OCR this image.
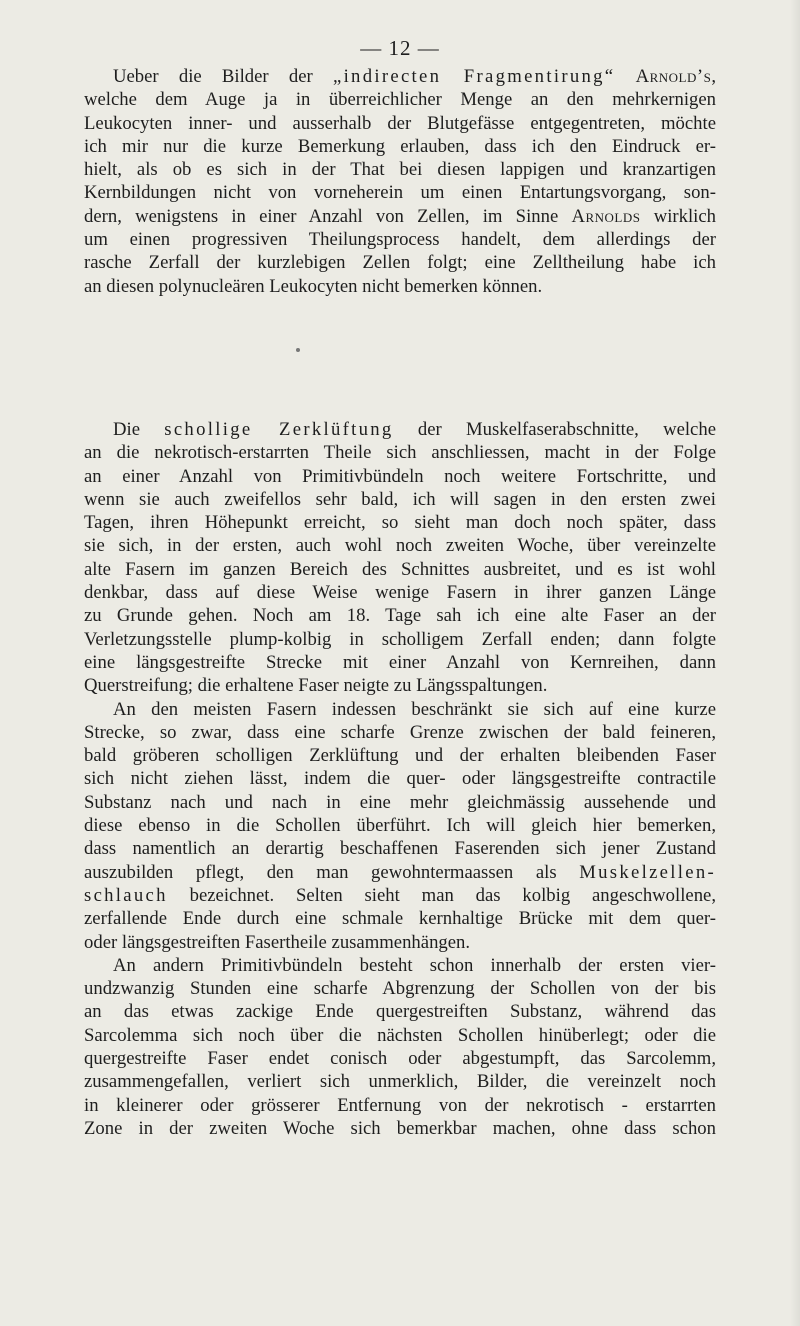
— 12 —
Ueber die Bilder der „indirecten Fragmentirung“ Arnold’s,
welche dem Auge ja in überreichlicher Menge an den mehrkernigen
Leukocyten inner- und ausserhalb der Blutgefässe entgegentreten, möchte
ich mir nur die kurze Bemerkung erlauben, dass ich den Eindruck er-
hielt, als ob es sich in der That bei diesen lappigen und kranzartigen
Kernbildungen nicht von vorneherein um einen Entartungsvorgang, son-
dern, wenigstens in einer Anzahl von Zellen, im Sinne Arnolds wirklich
um einen progressiven Theilungsprocess handelt, dem allerdings der
rasche Zerfall der kurzlebigen Zellen folgt; eine Zelltheilung habe ich
an diesen polynucleären Leukocyten nicht bemerken können.
Die schollige Zerklüftung der Muskelfaserabschnitte, welche
an die nekrotisch-erstarrten Theile sich anschliessen, macht in der Folge
an einer Anzahl von Primitivbündeln noch weitere Fortschritte, und
wenn sie auch zweifellos sehr bald, ich will sagen in den ersten zwei
Tagen, ihren Höhepunkt erreicht, so sieht man doch noch später, dass
sie sich, in der ersten, auch wohl noch zweiten Woche, über vereinzelte
alte Fasern im ganzen Bereich des Schnittes ausbreitet, und es ist wohl
denkbar, dass auf diese Weise wenige Fasern in ihrer ganzen Länge
zu Grunde gehen. Noch am 18. Tage sah ich eine alte Faser an der
Verletzungsstelle plump-kolbig in scholligem Zerfall enden; dann folgte
eine längsgestreifte Strecke mit einer Anzahl von Kernreihen, dann
Querstreifung; die erhaltene Faser neigte zu Längsspaltungen.
An den meisten Fasern indessen beschränkt sie sich auf eine kurze
Strecke, so zwar, dass eine scharfe Grenze zwischen der bald feineren,
bald gröberen scholligen Zerklüftung und der erhalten bleibenden Faser
sich nicht ziehen lässt, indem die quer- oder längsgestreifte contractile
Substanz nach und nach in eine mehr gleichmässig aussehende und
diese ebenso in die Schollen überführt. Ich will gleich hier bemerken,
dass namentlich an derartig beschaffenen Faserenden sich jener Zustand
auszubilden pflegt, den man gewohntermaassen als Muskelzellen-
schlauch bezeichnet. Selten sieht man das kolbig angeschwollene,
zerfallende Ende durch eine schmale kernhaltige Brücke mit dem quer-
oder längsgestreiften Fasertheile zusammenhängen.
An andern Primitivbündeln besteht schon innerhalb der ersten vier-
undzwanzig Stunden eine scharfe Abgrenzung der Schollen von der bis
an das etwas zackige Ende quergestreiften Substanz, während das
Sarcolemma sich noch über die nächsten Schollen hinüberlegt; oder die
quergestreifte Faser endet conisch oder abgestumpft, das Sarcolemm,
zusammengefallen, verliert sich unmerklich, Bilder, die vereinzelt noch
in kleinerer oder grösserer Entfernung von der nekrotisch - erstarrten
Zone in der zweiten Woche sich bemerkbar machen, ohne dass schon
